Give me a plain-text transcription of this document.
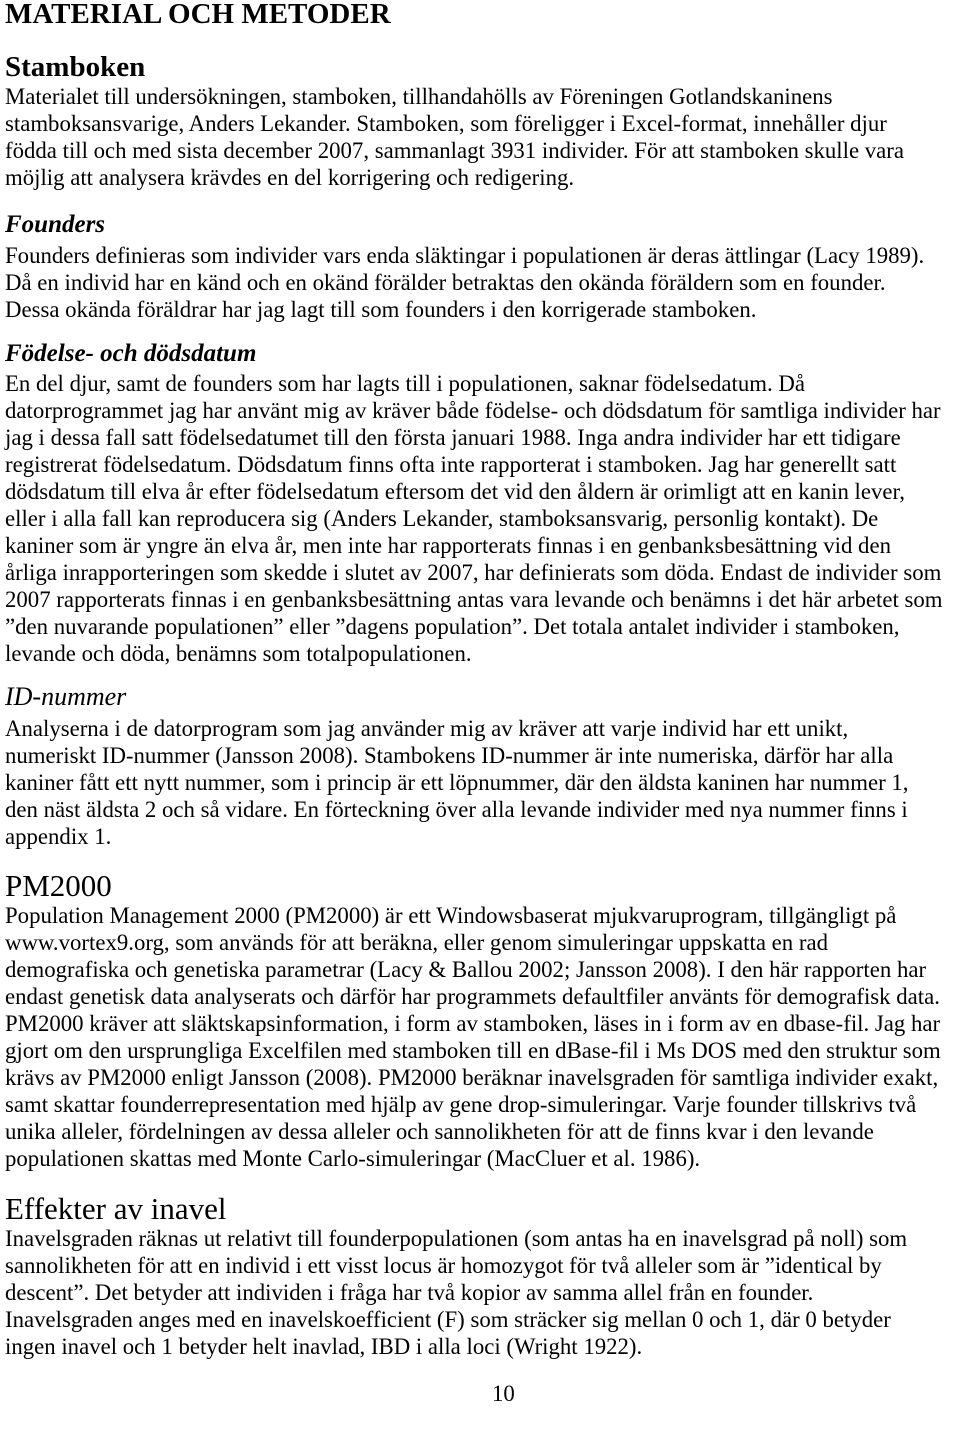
MATERIAL OCH METODER
Stamboken
Materialet till undersökningen, stamboken, tillhandahölls av Föreningen Gotlandskaninens
stamboksansvarige, Anders Lekander. Stamboken, som föreligger i Excel-format, innehåller djur
födda till och med sista december 2007, sammanlagt 3931 individer. För att stamboken skulle vara
möjlig att analysera krävdes en del korrigering och redigering.
Founders
Founders definieras som individer vars enda släktingar i populationen är deras ättlingar (Lacy 1989).
Då en individ har en känd och en okänd förälder betraktas den okända föräldern som en founder.
Dessa okända föräldrar har jag lagt till som founders i den korrigerade stamboken.
Födelse- och dödsdatum
En del djur, samt de founders som har lagts till i populationen, saknar födelsedatum. Då
datorprogrammet jag har använt mig av kräver både födelse- och dödsdatum för samtliga individer har
jag i dessa fall satt födelsedatumet till den första januari 1988. Inga andra individer har ett tidigare
registrerat födelsedatum. Dödsdatum finns ofta inte rapporterat i stamboken. Jag har generellt satt
dödsdatum till elva år efter födelsedatum eftersom det vid den åldern är orimligt att en kanin lever,
eller i alla fall kan reproducera sig (Anders Lekander, stamboksansvarig, personlig kontakt). De
kaniner som är yngre än elva år, men inte har rapporterats finnas i en genbanksbesättning vid den
årliga inrapporteringen som skedde i slutet av 2007, har definierats som döda. Endast de individer som
2007 rapporterats finnas i en genbanksbesättning antas vara levande och benämns i det här arbetet som
”den nuvarande populationen” eller ”dagens population”. Det totala antalet individer i stamboken,
levande och döda, benämns som totalpopulationen.
ID-nummer
Analyserna i de datorprogram som jag använder mig av kräver att varje individ har ett unikt,
numeriskt ID-nummer (Jansson 2008). Stambokens ID-nummer är inte numeriska, därför har alla
kaniner fått ett nytt nummer, som i princip är ett löpnummer, där den äldsta kaninen har nummer 1,
den näst äldsta 2 och så vidare. En förteckning över alla levande individer med nya nummer finns i
appendix 1.
PM2000
Population Management 2000 (PM2000) är ett Windowsbaserat mjukvaruprogram, tillgängligt på
www.vortex9.org, som används för att beräkna, eller genom simuleringar uppskatta en rad
demografiska och genetiska parametrar (Lacy & Ballou 2002; Jansson 2008). I den här rapporten har
endast genetisk data analyserats och därför har programmets defaultfiler använts för demografisk data.
PM2000 kräver att släktskapsinformation, i form av stamboken, läses in i form av en dbase-fil. Jag har
gjort om den ursprungliga Excelfilen med stamboken till en dBase-fil i Ms DOS med den struktur som
krävs av PM2000 enligt Jansson (2008). PM2000 beräknar inavelsgraden för samtliga individer exakt,
samt skattar founderrepresentation med hjälp av gene drop-simuleringar. Varje founder tillskrivs två
unika alleler, fördelningen av dessa alleler och sannolikheten för att de finns kvar i den levande
populationen skattas med Monte Carlo-simuleringar (MacCluer et al. 1986).
Effekter av inavel
Inavelsgraden räknas ut relativt till founderpopulationen (som antas ha en inavelsgrad på noll) som
sannolikheten för att en individ i ett visst locus är homozygot för två alleler som är ”identical by
descent”. Det betyder att individen i fråga har två kopior av samma allel från en founder.
Inavelsgraden anges med en inavelskoefficient (F) som sträcker sig mellan 0 och 1, där 0 betyder
ingen inavel och 1 betyder helt inavlad, IBD i alla loci (Wright 1922).
10
